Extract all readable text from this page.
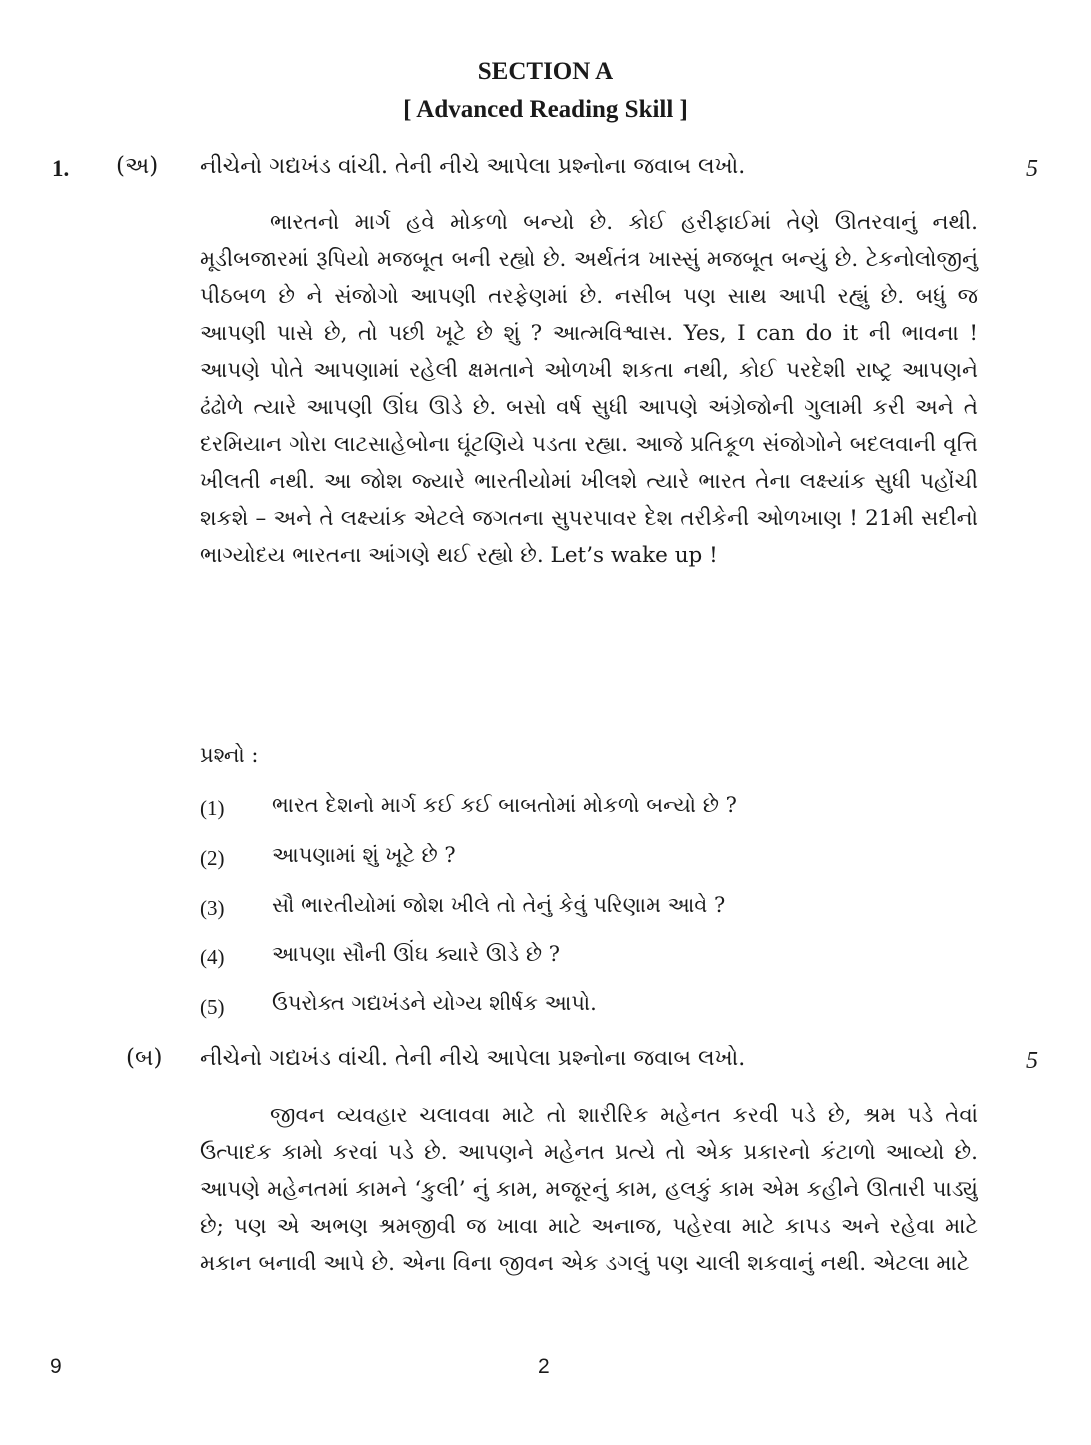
SECTION A
[ Advanced Reading Skill ]
1. (અ) નીચેનો ગદ્યખંડ વાંચી. તેની નીચે આપેલા પ્રશ્નોના જવાબ લખો.	5

ભારતનો માર્ગ હવે મોકળો બન્યો છે. કોઈ હરીફાઈમાં તેણે ઊતરવાનું નથી. મૂડીબજારમાં રૂપિયો મજબૂત બની રહ્યો છે. અર્થતંત્ર ખાસ્સું મજબૂત બન્યું છે. ટેકનોલોજીનું પીઠબળ છે ને સંજોગો આપણી તરફેણમાં છે. નસીબ પણ સાથ આપી રહ્યું છે. બધું જ આપણી પાસે છે, તો પછી ખૂટે છે શું ? આત્મવિશ્વાસ. Yes, I can do it ની ભાવના ! આપણે પોતે આપણામાં રહેલી ક્ષમતાને ઓળખી શકતા નથી, કોઈ પરદેશી રાષ્ટ્ર આપણને ઢંઢોળે ત્યારે આપણી ઊંઘ ઊડે છે. બસો વર્ષ સુધી આપણે અંગ્રેજોની ગુલામી કરી અને તે દરમિયાન ગોરા લાટસાહેબોના ઘૂંટણિયે પડતા રહ્યા. આજે પ્રતિકૂળ સંજોગોને બદલવાની વૃત્તિ ખીલતી નથી. આ જોશ જ્યારે ભારતીયોમાં ખીલશે ત્યારે ભારત તેના લક્ષ્યાંક સુધી પહોંચી શકશે – અને તે લક્ષ્યાંક એટલે જગતના સુપરપાવર દેશ તરીકેની ઓળખાણ ! 21મી સદીનો ભાગ્યોદય ભારતના આંગણે થઈ રહ્યો છે. Let’s wake up !

પ્રશ્નો :
(1) ભારત દેશનો માર્ગ કઈ કઈ બાબતોમાં મોકળો બન્યો છે ?
(2) આપણામાં શું ખૂટે છે ?
(3) સૌ ભારતીયોમાં જોશ ખીલે તો તેનું કેવું પરિણામ આવે ?
(4) આપણા સૌની ઊંઘ ક્યારે ઊડે છે ?
(5) ઉપરોક્ત ગદ્યખંડને યોગ્ય શીર્ષક આપો.
(બ) નીચેનો ગદ્યખંડ વાંચી. તેની નીચે આપેલા પ્રશ્નોના જવાબ લખો.	5

જીવન વ્યવહાર ચલાવવા માટે તો શારીરિક મહેનત કરવી પડે છે, શ્રમ પડે તેવાં ઉત્પાદક કામો કરવાં પડે છે. આપણને મહેનત પ્રત્યે તો એક પ્રકારનો કંટાળો આવ્યો છે. આપણે મહેનતમાં કામને ‘કુલી’ નું કામ, મજૂરનું કામ, હલકું કામ એમ કહીને ઊતારી પાડ્યું છે; પણ એ અભણ શ્રમજીવી જ ખાવા માટે અનાજ, પહેરવા માટે કાપડ અને રહેવા માટે મકાન બનાવી આપે છે. એના વિના જીવન એક ડગલું પણ ચાલી શકવાનું નથી. એટલા માટે

9	2
